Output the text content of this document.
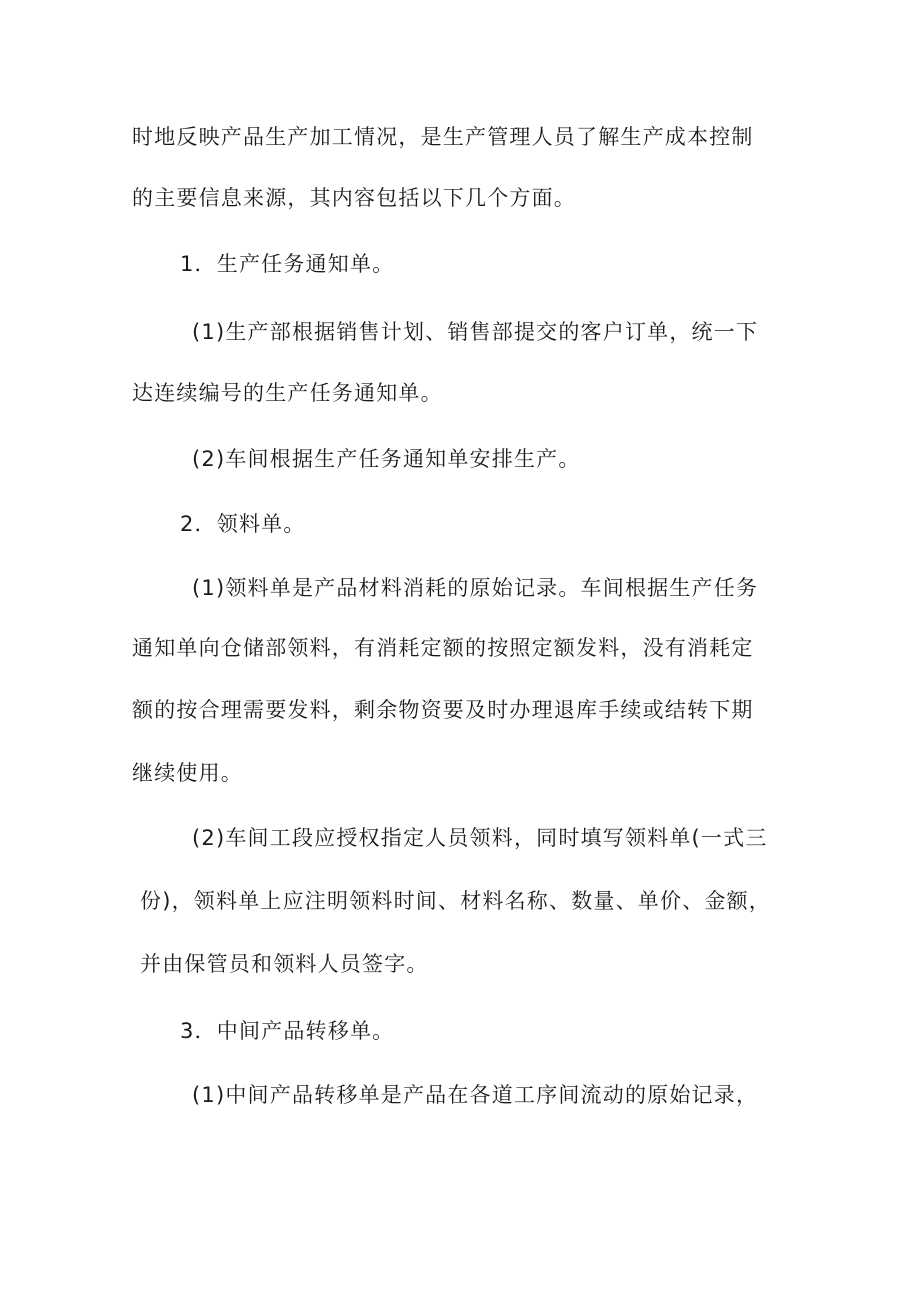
时地反映产品生产加工情况，是生产管理人员了解生产成本控制
的主要信息来源，其内容包括以下几个方面。
1．生产任务通知单。
(1)生产部根据销售计划、销售部提交的客户订单，统一下
达连续编号的生产任务通知单。
(2)车间根据生产任务通知单安排生产。
2．领料单。
(1)领料单是产品材料消耗的原始记录。车间根据生产任务
通知单向仓储部领料，有消耗定额的按照定额发料，没有消耗定
额的按合理需要发料，剩余物资要及时办理退库手续或结转下期
继续使用。
(2)车间工段应授权指定人员领料，同时填写领料单(一式三
份)，领料单上应注明领料时间、材料名称、数量、单价、金额，
并由保管员和领料人员签字。
3．中间产品转移单。
(1)中间产品转移单是产品在各道工序间流动的原始记录，
